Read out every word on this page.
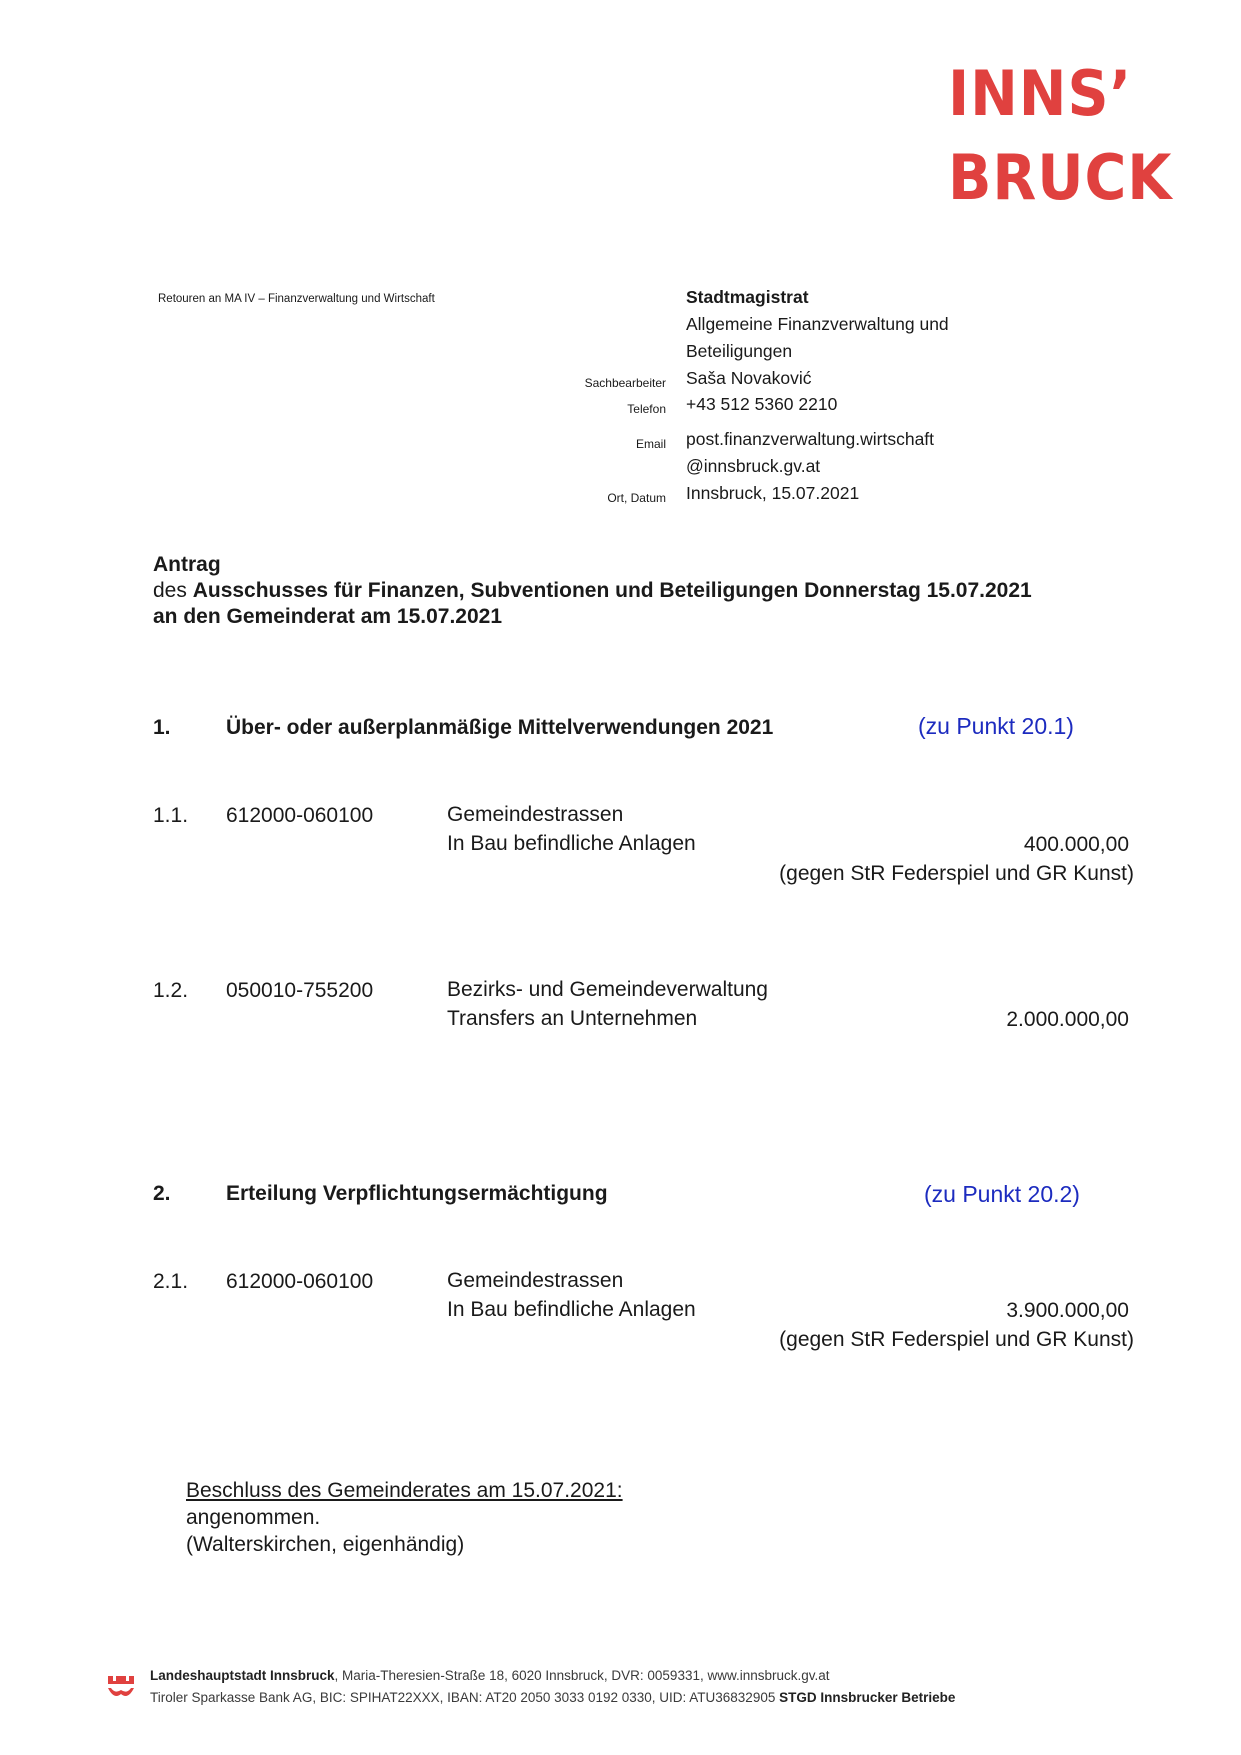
INNS’
BRUCK
Retouren an MA IV – Finanzverwaltung und Wirtschaft	Stadtmagistrat
Allgemeine Finanzverwaltung und
Beteiligungen
Sachbearbeiter Saša Novaković
Telefon +43 512 5360 2210
Email post.finanzverwaltung.wirtschaft
@innsbruck.gv.at
Ort, Datum Innsbruck, 15.07.2021
Antrag
des Ausschusses für Finanzen, Subventionen und Beteiligungen Donnerstag 15.07.2021
an den Gemeinderat am 15.07.2021
1.	Über- oder außerplanmäßige Mittelverwendungen 2021	(zu Punkt 20.1)
1.1. 612000-060100	Gemeindestrassen
In Bau befindliche Anlagen	400.000,00
(gegen StR Federspiel und GR Kunst)
1.2. 050010-755200	Bezirks- und Gemeindeverwaltung
Transfers an Unternehmen	2.000.000,00
2.	Erteilung Verpflichtungsermächtigung	(zu Punkt 20.2)
2.1. 612000-060100	Gemeindestrassen
In Bau befindliche Anlagen	3.900.000,00
(gegen StR Federspiel und GR Kunst)
Beschluss des Gemeinderates am 15.07.2021:
angenommen.
(Walterskirchen, eigenhändig)
Landeshauptstadt Innsbruck, Maria-Theresien-Straße 18, 6020 Innsbruck, DVR: 0059331, www.innsbruck.gv.at
Tiroler Sparkasse Bank AG, BIC: SPIHAT22XXX, IBAN: AT20 2050 3033 0192 0330, UID: ATU36832905 STGD Innsbrucker Betriebe
